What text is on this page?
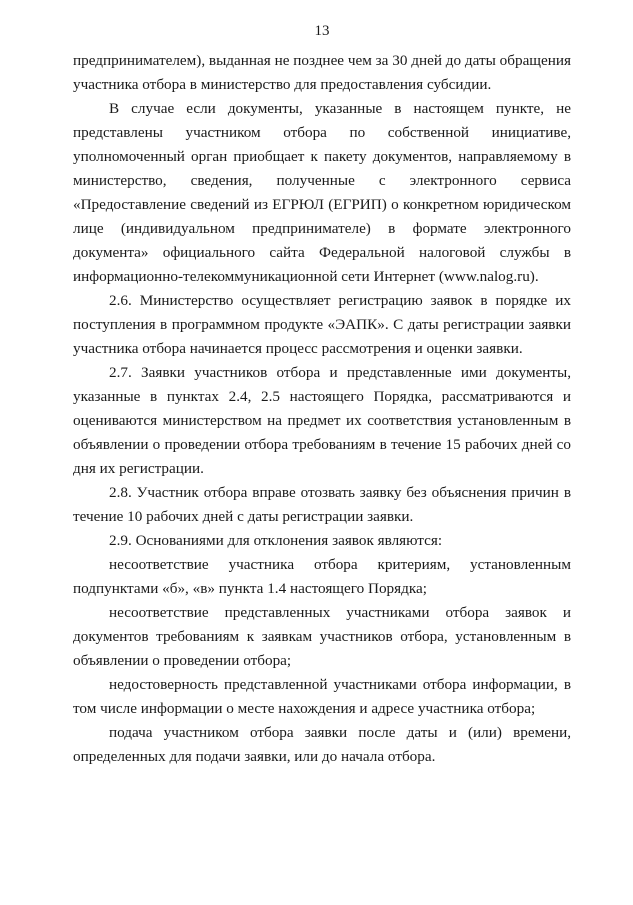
13

предпринимателем), выданная не позднее чем за 30 дней до даты обращения участника отбора в министерство для предоставления субсидии.

В случае если документы, указанные в настоящем пункте, не представлены участником отбора по собственной инициативе, уполномоченный орган приобщает к пакету документов, направляемому в министерство, сведения, полученные с электронного сервиса «Предоставление сведений из ЕГРЮЛ (ЕГРИП) о конкретном юридическом лице (индивидуальном предпринимателе) в формате электронного документа» официального сайта Федеральной налоговой службы в информационно-телекоммуникационной сети Интернет (www.nalog.ru).

2.6. Министерство осуществляет регистрацию заявок в порядке их поступления в программном продукте «ЭАПК». С даты регистрации заявки участника отбора начинается процесс рассмотрения и оценки заявки.

2.7. Заявки участников отбора и представленные ими документы, указанные в пунктах 2.4, 2.5 настоящего Порядка, рассматриваются и оцениваются министерством на предмет их соответствия установленным в объявлении о проведении отбора требованиям в течение 15 рабочих дней со дня их регистрации.

2.8. Участник отбора вправе отозвать заявку без объяснения причин в течение 10 рабочих дней с даты регистрации заявки.

2.9. Основаниями для отклонения заявок являются:

несоответствие участника отбора критериям, установленным подпунктами «б», «в» пункта 1.4 настоящего Порядка;

несоответствие представленных участниками отбора заявок и документов требованиям к заявкам участников отбора, установленным в объявлении о проведении отбора;

недостоверность представленной участниками отбора информации, в том числе информации о месте нахождения и адресе участника отбора;

подача участником отбора заявки после даты и (или) времени, определенных для подачи заявки, или до начала отбора.
